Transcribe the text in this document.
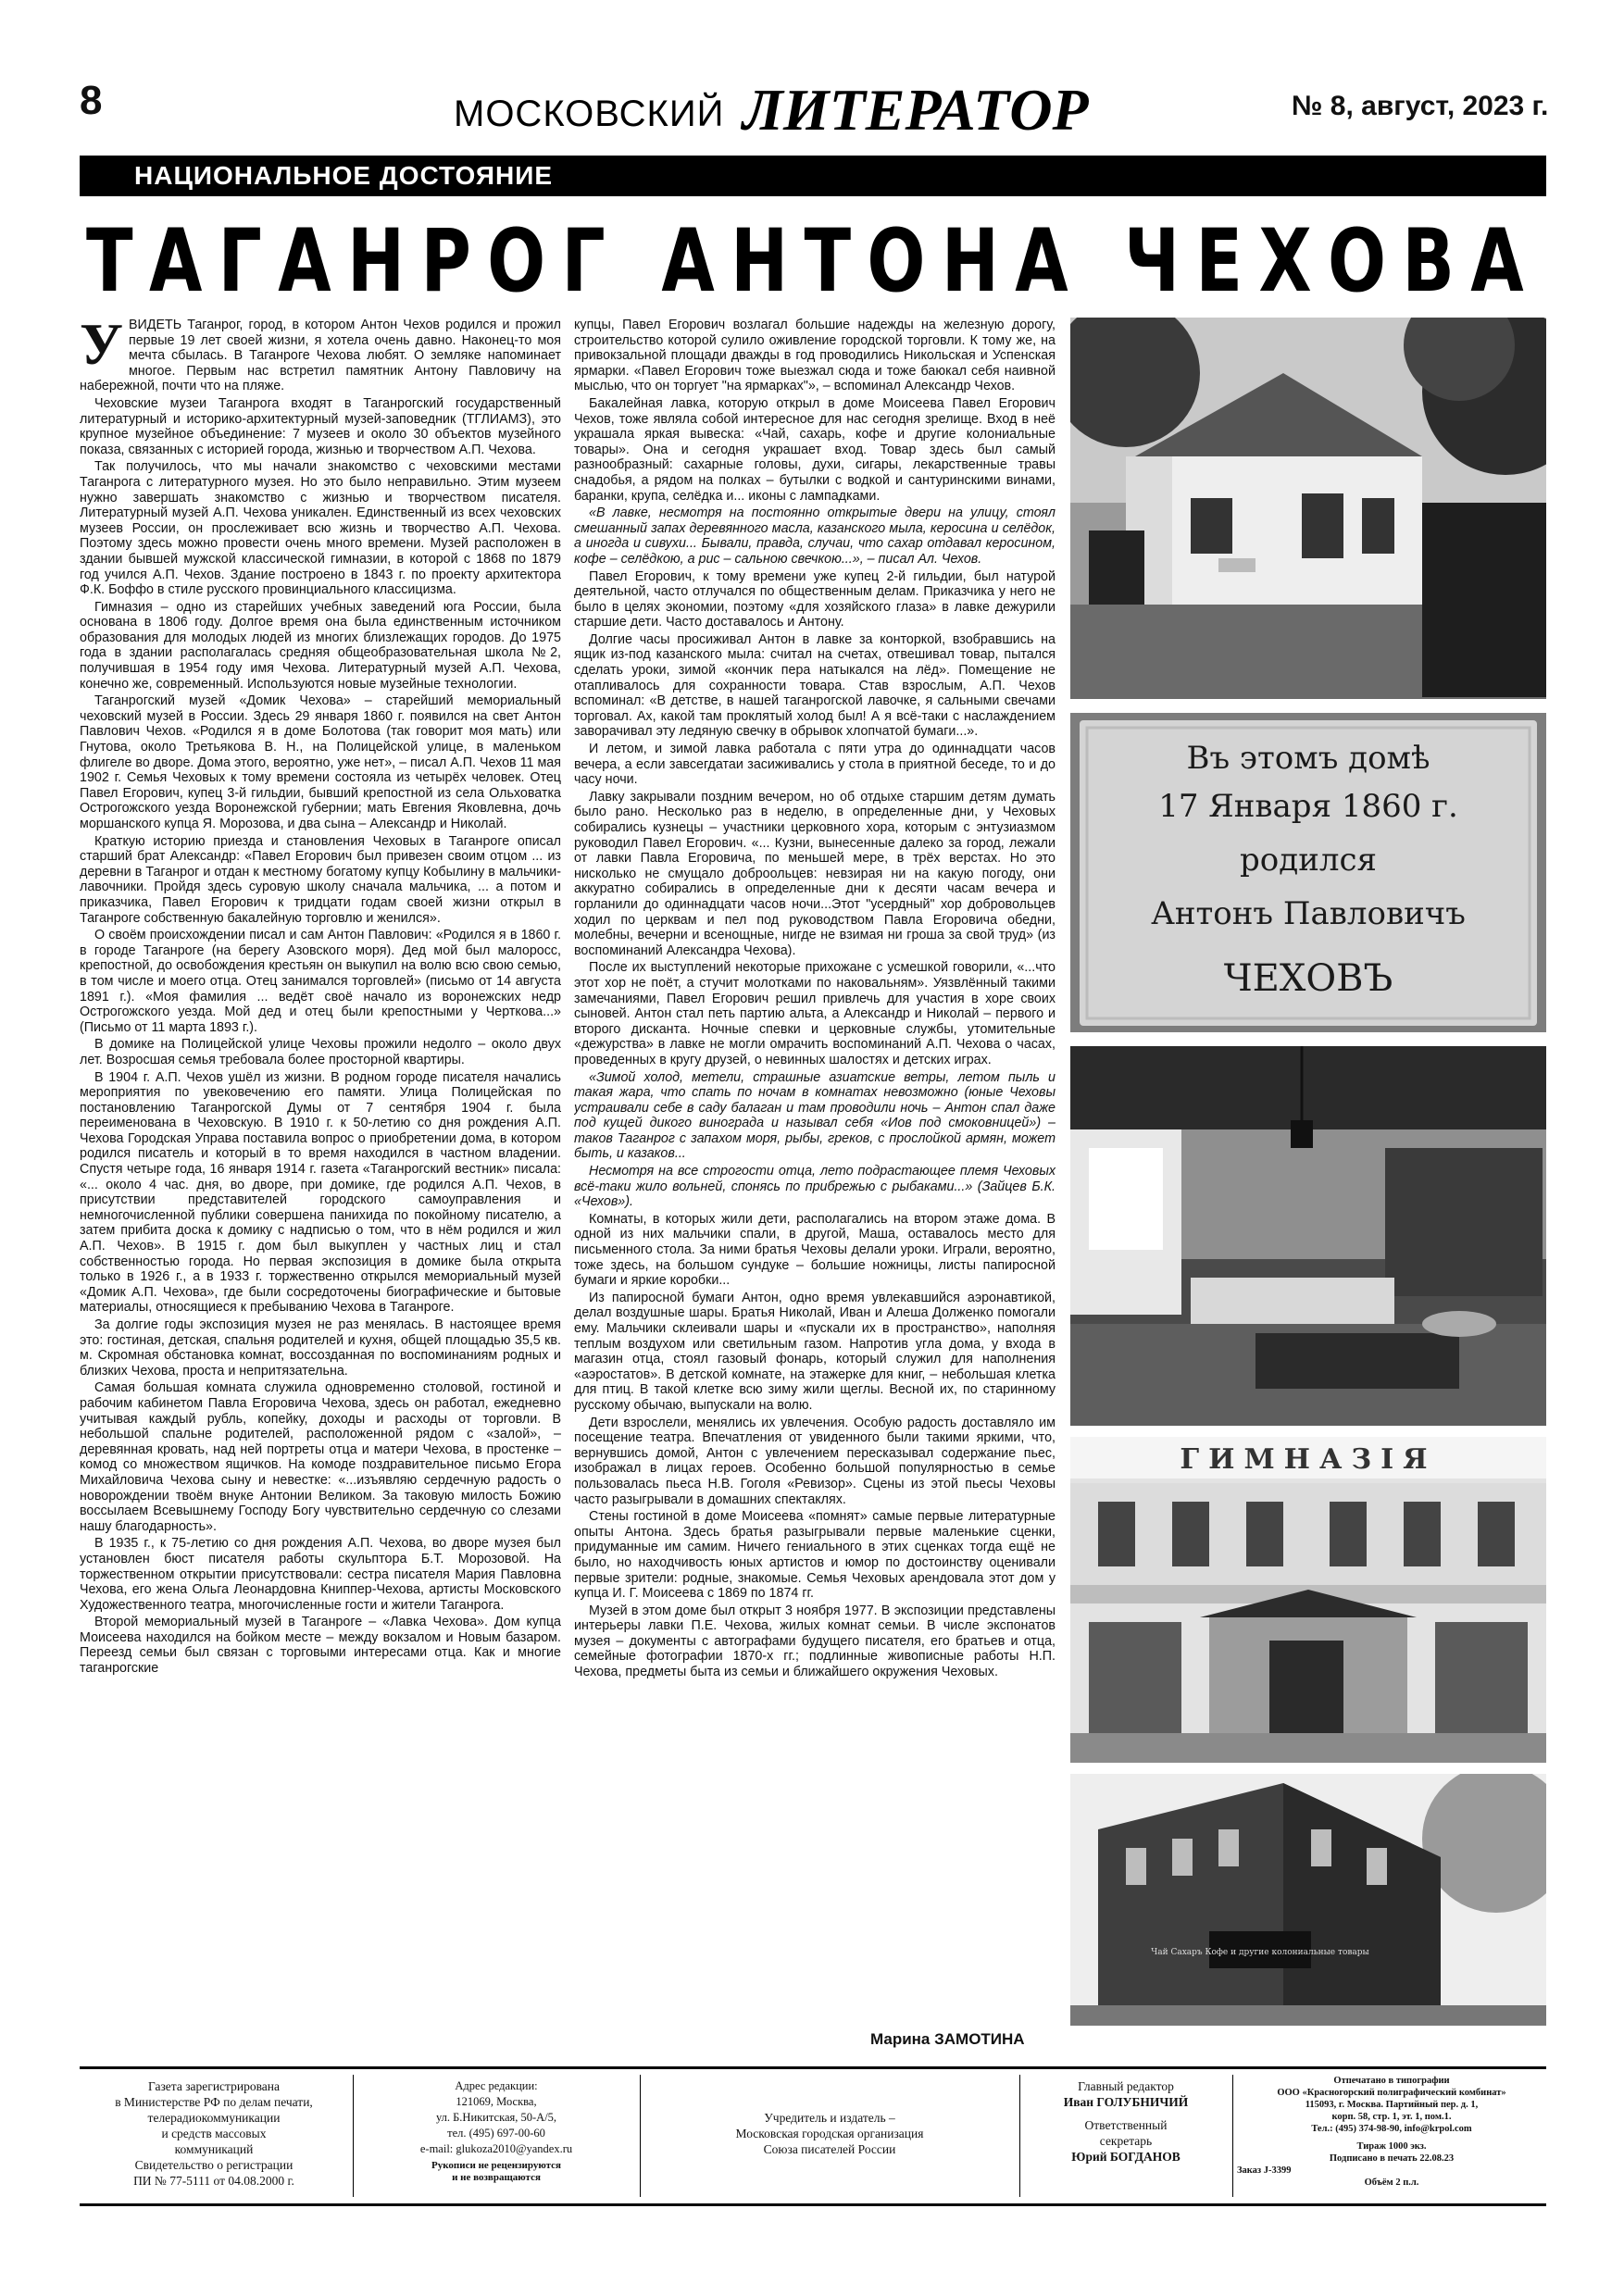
8	МОСКОВСКИЙ ЛИТЕРАТОР	№ 8, август, 2023 г.
НАЦИОНАЛЬНОЕ ДОСТОЯНИЕ
ТАГАНРОГ АНТОНА ЧЕХОВА

УВИДЕТЬ Таганрог, город, в котором Антон Чехов родился и прожил первые 19 лет своей жизни, я хотела очень давно. Наконец-то моя мечта сбылась. В Таганроге Чехова любят. О земляке напоминает многое. Первым нас встретил памятник Антону Павловичу на набережной, почти что на пляже.

Чеховские музеи Таганрога входят в Таганрогский государственный литературный и историко-архитектурный музей-заповедник (ТГЛИАМЗ), это крупное музейное объединение: 7 музеев и около 30 объектов музейного показа, связанных с историей города, жизнью и творчеством А.П. Чехова.

Так получилось, что мы начали знакомство с чеховскими местами Таганрога с литературного музея. Но это было неправильно. Этим музеем нужно завершать знакомство с жизнью и творчеством писателя. Литературный музей А.П. Чехова уникален. Единственный из всех чеховских музеев России, он прослеживает всю жизнь и творчество А.П. Чехова. Поэтому здесь можно провести очень много времени. Музей расположен в здании бывшей мужской классической гимназии, в которой с 1868 по 1879 год учился А.П. Чехов. Здание построено в 1843 г. по проекту архитектора Ф.К. Боффо в стиле русского провинциального классицизма.

Гимназия – одно из старейших учебных заведений юга России, была основана в 1806 году. Долгое время она была единственным источником образования для молодых людей из многих близлежащих городов. До 1975 года в здании располагалась средняя общеобразовательная школа №2, получившая в 1954 году имя Чехова. Литературный музей А.П. Чехова, конечно же, современный. Используются новые музейные технологии.

Таганрогский музей «Домик Чехова» – старейший мемориальный чеховский музей в России. Здесь 29 января 1860 г. появился на свет Антон Павлович Чехов. «Родился я в доме Болотова (так говорит моя мать) или Гнутова, около Третьякова В. Н., на Полицейской улице, в маленьком флигеле во дворе. Дома этого, вероятно, уже нет», – писал А.П. Чехов 11 мая 1902 г. Семья Чеховых к тому времени состояла из четырёх человек. Отец Павел Егорович, купец 3-й гильдии, бывший крепостной из села Ольховатка Острогожского уезда Воронежской губернии; мать Евгения Яковлевна, дочь моршанского купца Я. Морозова, и два сына – Александр и Николай.

Краткую историю приезда и становления Чеховых в Таганроге описал старший брат Александр: «Павел Егорович был привезен своим отцом ... из деревни в Таганрог и отдан к местному богатому купцу Кобылину в мальчики-лавочники. Пройдя здесь суровую школу сначала мальчика, ... а потом и приказчика, Павел Егорович к тридцати годам своей жизни открыл в Таганроге собственную бакалейную торговлю и женился».

О своём происхождении писал и сам Антон Павлович: «Родился я в 1860 г. в городе Таганроге (на берегу Азовского моря). Дед мой был малоросс, крепостной, до освобождения крестьян он выкупил на волю всю свою семью, в том числе и моего отца. Отец занимался торговлей» (письмо от 14 августа 1891 г.). «Моя фамилия ... ведёт своё начало из воронежских недр Острогожского уезда. Мой дед и отец были крепостными у Черткова...» (Письмо от 11 марта 1893 г.).

В домике на Полицейской улице Чеховы прожили недолго – около двух лет. Возросшая семья требовала более просторной квартиры.

В 1904 г. А.П. Чехов ушёл из жизни. В родном городе писателя начались мероприятия по увековечению его памяти. Улица Полицейская по постановлению Таганрогской Думы от 7 сентября 1904 г. была переименована в Чеховскую. В 1910 г. к 50-летию со дня рождения А.П. Чехова Городская Управа поставила вопрос о приобретении дома, в котором родился писатель и который в то время находился в частном владении. Спустя четыре года, 16 января 1914 г. газета «Таганрогский вестник» писала: «... около 4 час. дня, во дворе, при домике, где родился А.П. Чехов, в присутствии представителей городского самоуправления и немногочисленной публики совершена панихида по покойному писателю, а затем прибита доска к домику с надписью о том, что в нём родился и жил А.П. Чехов». В 1915 г. дом был выкуплен у частных лиц и стал собственностью города. Но первая экспозиция в домике была открыта только в 1926 г., а в 1933 г. торжественно открылся мемориальный музей «Домик А.П. Чехова», где были сосредоточены биографические и бытовые материалы, относящиеся к пребыванию Чехова в Таганроге.

За долгие годы экспозиция музея не раз менялась. В настоящее время это: гостиная, детская, спальня родителей и кухня, общей площадью 35,5 кв. м. Скромная обстановка комнат, воссозданная по воспоминаниям родных и близких Чехова, проста и непритязательна.

Самая большая комната служила одновременно столовой, гостиной и рабочим кабинетом Павла Егоровича Чехова, здесь он работал, ежедневно учитывая каждый рубль, копейку, доходы и расходы от торговли. В небольшой спальне родителей, расположенной рядом с «залой», – деревянная кровать, над ней портреты отца и матери Чехова, в простенке – комод со множеством ящичков. На комоде поздравительное письмо Егора Михайловича Чехова сыну и невестке: «...изъявляю сердечную радость о новорождении твоём внуке Антонии Великом. За таковую милость Божию воссылаем Всевышнему Господу Богу чувствительно сердечную со слезами нашу благодарность».

В 1935 г., к 75-летию со дня рождения А.П. Чехова, во дворе музея был установлен бюст писателя работы скульптора Б.Т. Морозовой. На торжественном открытии присутствовали: сестра писателя Мария Павловна Чехова, его жена Ольга Леонардовна Книппер-Чехова, артисты Московского Художественного театра, многочисленные гости и жители Таганрога.

Второй мемориальный музей в Таганроге – «Лавка Чехова». Дом купца Моисеева находился на бойком месте – между вокзалом и Новым базаром. Переезд семьи был связан с торговыми интересами отца. Как и многие таганрогские

купцы, Павел Егорович возлагал большие надежды на железную дорогу, строительство которой сулило оживление городской торговли. К тому же, на привокзальной площади дважды в год проводились Никольская и Успенская ярмарки. «Павел Егорович тоже выезжал сюда и тоже баюкал себя наивной мыслью, что он торгует "на ярмарках"», – вспоминал Александр Чехов.

Бакалейная лавка, которую открыл в доме Моисеева Павел Егорович Чехов, тоже являла собой интересное для нас сегодня зрелище. Вход в неё украшала яркая вывеска: «Чай, сахарь, кофе и другие колониальные товары». Она и сегодня украшает вход. Товар здесь был самый разнообразный: сахарные головы, духи, сигары, лекарственные травы снадобья, а рядом на полках – бутылки с водкой и сантуринскими винами, баранки, крупа, селёдка и... иконы с лампадками.

«В лавке, несмотря на постоянно открытые двери на улицу, стоял смешанный запах деревянного масла, казанского мыла, керосина и селёдок, а иногда и сивухи... Бывали, правда, случаи, что сахар отдавал керосином, кофе – селёдкою, а рис – сальною свечкою...», – писал Ал. Чехов.

Павел Егорович, к тому времени уже купец 2-й гильдии, был натурой деятельной, часто отлучался по общественным делам. Приказчика у него не было в целях экономии, поэтому «для хозяйского глаза» в лавке дежурили старшие дети. Часто доставалось и Антону.

Долгие часы просиживал Антон в лавке за конторкой, взобравшись на ящик из-под казанского мыла: считал на счетах, отвешивал товар, пытался сделать уроки, зимой «кончик пера натыкался на лёд». Помещение не отапливалось для сохранности товара. Став взрослым, А.П. Чехов вспоминал: «В детстве, в нашей таганрогской лавочке, я сальными свечами торговал. Ах, какой там проклятый холод был! А я всё-таки с наслаждением заворачивал эту ледяную свечку в обрывок хлопчатой бумаги...».

И летом, и зимой лавка работала с пяти утра до одиннадцати часов вечера, а если завсегдатаи засиживались у стола в приятной беседе, то и до часу ночи.

Лавку закрывали поздним вечером, но об отдыхе старшим детям думать было рано. Несколько раз в неделю, в определенные дни, у Чеховых собирались кузнецы – участники церковного хора, которым с энтузиазмом руководил Павел Егорович. «... Кузни, вынесенные далеко за город, лежали от лавки Павла Егоровича, по меньшей мере, в трёх верстах. Но это нисколько не смущало доброольцев: невзирая ни на какую погоду, они аккуратно собирались в определенные дни к десяти часам вечера и горланили до одиннадцати часов ночи...Этот "усердный" хор добровольцев ходил по церквам и пел под руководством Павла Егоровича обедни, молебны, вечерни и всенощные, нигде не взимая ни гроша за свой труд» (из воспоминаний Александра Чехова).

После их выступлений некоторые прихожане с усмешкой говорили, «...что этот хор не поёт, а стучит молотками по наковальням». Уязвлённый такими замечаниями, Павел Егорович решил привлечь для участия в хоре своих сыновей. Антон стал петь партию альта, а Александр и Николай – первого и второго дисканта. Ночные спевки и церковные службы, утомительные «дежурства» в лавке не могли омрачить воспоминаний А.П. Чехова о часах, проведенных в кругу друзей, о невинных шалостях и детских играх.

«Зимой холод, метели, страшные азиатские ветры, летом пыль и такая жара, что спать по ночам в комнатах невозможно (юные Чеховы устраивали себе в саду балаган и там проводили ночь – Антон спал даже под кущей дикого винограда и называл себя «Иов под смоковницей») – таков Таганрог с запахом моря, рыбы, греков, с прослойкой армян, может быть, и казаков...

Несмотря на все строгости отца, лето подрастающее племя Чеховых всё-таки жило вольней, спонясь по прибрежью с рыбаками...» (Зайцев Б.К. «Чехов»).

Комнаты, в которых жили дети, располагались на втором этаже дома. В одной из них мальчики спали, в другой, Маша, оставалось место для письменного стола. За ними братья Чеховы делали уроки. Играли, вероятно, тоже здесь, на большом сундуке – большие ножницы, листы папиросной бумаги и яркие коробки...

Из папиросной бумаги Антон, одно время увлекавшийся аэронавтикой, делал воздушные шары. Братья Николай, Иван и Алеша Долженко помогали ему. Мальчики склеивали шары и «пускали их в пространство», наполняя теплым воздухом или светильным газом. Напротив угла дома, у входа в магазин отца, стоял газовый фонарь, который служил для наполнения «аэростатов». В детской комнате, на этажерке для книг, – небольшая клетка для птиц. В такой клетке всю зиму жили щеглы. Весной их, по старинному русскому обычаю, выпускали на волю.

Дети взрослели, менялись их увлечения. Особую радость доставляло им посещение театра. Впечатления от увиденного были такими яркими, что, вернувшись домой, Антон с увлечением пересказывал содержание пьес, изображал в лицах героев. Особенно большой популярностью в семье пользовалась пьеса Н.В. Гоголя «Ревизор». Сцены из этой пьесы Чеховы часто разыгрывали в домашних спектаклях.

Стены гостиной в доме Моисеева «помнят» самые первые литературные опыты Антона. Здесь братья разыгрывали первые маленькие сценки, придуманные им самим. Ничего гениального в этих сценках тогда ещё не было, но находчивость юных артистов и юмор по достоинству оценивали первые зрители: родные, знакомые. Семья Чеховых арендовала этот дом у купца И. Г. Моисеева с 1869 по 1874 гг.

Музей в этом доме был открыт 3 ноября 1977. В экспозиции представлены интерьеры лавки П.Е. Чехова, жилых комнат семьи. В числе экспонатов музея – документы с автографами будущего писателя, его братьев и отца, семейные фотографии 1870-х гг.; подлинные живописные работы Н.П. Чехова, предметы быта из семьи и ближайшего окружения Чеховых.

Марина ЗАМОТИНА
Въ этомъ домѣ
17 Января 1860 г.
родился
Антонъ Павловичъ
ЧЕХОВЪ
ГИМНАЗІЯ
Чай Сахаръ Кофе и другие колониальные товары
Газета зарегистрирована
в Министерстве РФ по делам печати,
телерадиокоммуникации
и средств массовых
коммуникаций
Свидетельство о регистрации
ПИ № 77-5111 от 04.08.2000 г.
Адрес редакции:
121069, Москва,
ул. Б.Никитская, 50-А/5,
тел. (495) 697-00-60
e-mail: glukoza2010@yandex.ru
Рукописи не рецензируются
и не возвращаются
Учредитель и издатель –
Московская городская организация
Союза писателей России
Главный редактор
Иван ГОЛУБНИЧИЙ
Ответственный
секретарь
Юрий БОГДАНОВ
Отпечатано в типографии
ООО «Красногорский полиграфический комбинат»
115093, г. Москва. Партийный пер. д. 1,
корп. 58, стр. 1, эт. 1, пом.1.
Тел.: (495) 374-98-90, info@krpol.com
Тираж 1000 экз.
Подписано в печать 22.08.23
Заказ J-3399
Объём 2 п.л.
